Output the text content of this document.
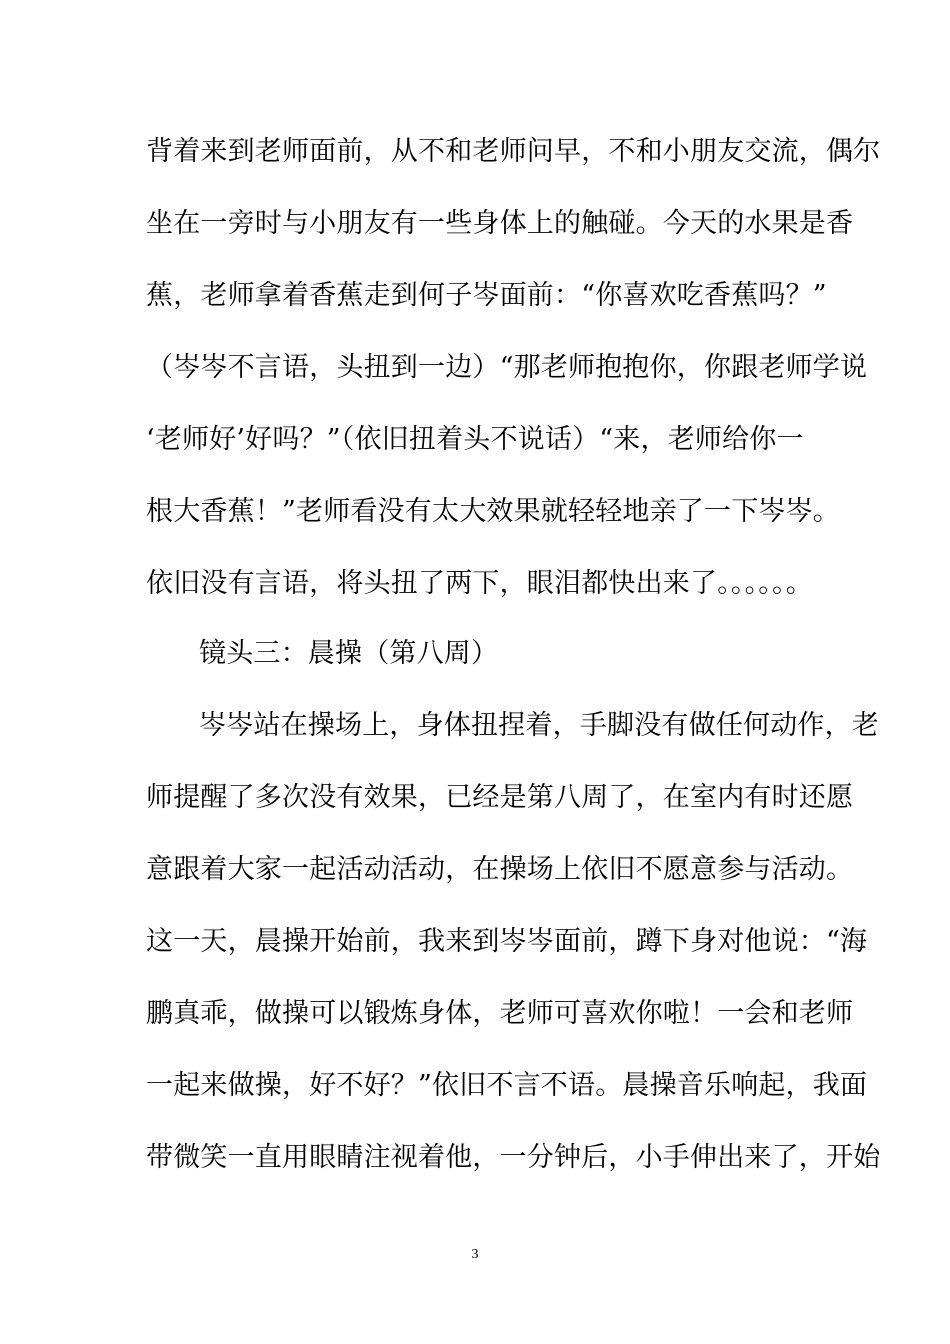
背着来到老师面前，从不和老师问早，不和小朋友交流，偶尔
坐在一旁时与小朋友有一些身体上的触碰。今天的水果是香
蕉，老师拿着香蕉走到何子岑面前：“你喜欢吃香蕉吗？”
（岑岑不言语，头扭到一边）“那老师抱抱你，你跟老师学说
‘老师好’好吗？”（依旧扭着头不说话）“来，老师给你一
根大香蕉！”老师看没有太大效果就轻轻地亲了一下岑岑。
依旧没有言语，将头扭了两下，眼泪都快出来了。。。。。。
镜头三：晨操（第八周）
岑岑站在操场上，身体扭捏着，手脚没有做任何动作，老
师提醒了多次没有效果，已经是第八周了，在室内有时还愿
意跟着大家一起活动活动，在操场上依旧不愿意参与活动。
这一天，晨操开始前，我来到岑岑面前，蹲下身对他说：“海
鹏真乖，做操可以锻炼身体，老师可喜欢你啦！一会和老师
一起来做操，好不好？”依旧不言不语。晨操音乐响起，我面
带微笑一直用眼睛注视着他，一分钟后，小手伸出来了，开始
3
